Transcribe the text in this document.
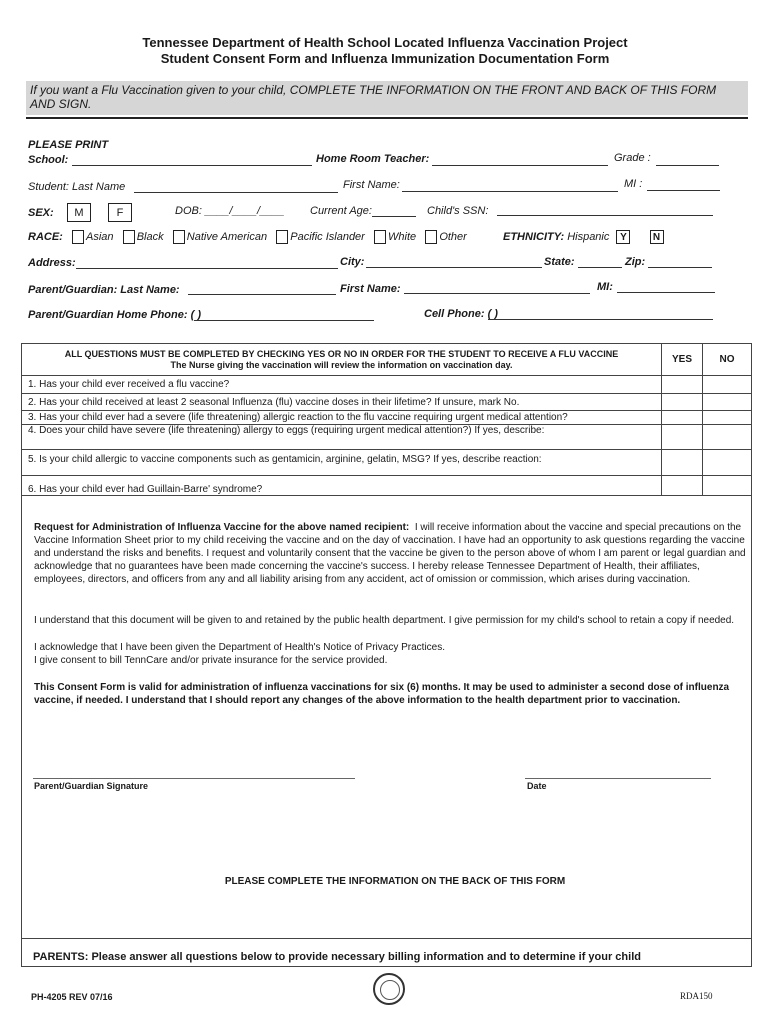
Tennessee Department of Health School Located Influenza Vaccination Project
Student Consent Form and Influenza Immunization Documentation Form
If you want a Flu Vaccination given to your child, COMPLETE THE INFORMATION ON THE FRONT AND BACK OF THIS FORM AND SIGN.
PLEASE PRINT
School:	Home Room Teacher:	Grade :
Student: Last Name	First Name:	MI :
SEX:	M	F	DOB: ____/____/____ Current Age:	Child's SSN:
RACE:	Asian Black Native American Pacific Islander White Other	ETHNICITY: Hispanic Y	N
Address:	City:	State:	Zip:
Parent/Guardian: Last Name:	First Name:	MI:
Parent/Guardian Home Phone: ( )	Cell Phone: ( )
ALL QUESTIONS MUST BE COMPLETED BY CHECKING YES OR NO IN ORDER FOR THE STUDENT TO RECEIVE A FLU VACCINE
The Nurse giving the vaccination will review the information on vaccination day.	YES	NO
1. Has your child ever received a flu vaccine?		
2. Has your child received at least 2 seasonal Influenza (flu) vaccine doses in their lifetime? If unsure, mark No.		
3. Has your child ever had a severe (life threatening) allergic reaction to the flu vaccine requiring urgent medical attention?		
4. Does your child have severe (life threatening) allergy to eggs (requiring urgent medical attention?) If yes, describe:		
5. Is your child allergic to vaccine components such as gentamicin, arginine, gelatin, MSG? If yes, describe reaction:		
6. Has your child ever had Guillain-Barre' syndrome?		
Request for Administration of Influenza Vaccine for the above named recipient: I will receive information about the vaccine and special precautions on the Vaccine Information Sheet prior to my child receiving the vaccine and on the day of vaccination. I have had an opportunity to ask questions regarding the vaccine and understand the risks and benefits. I request and voluntarily consent that the vaccine be given to the person above of whom I am parent or legal guardian and acknowledge that no guarantees have been made concerning the vaccine's success. I hereby release Tennessee Department of Health, their affiliates, employees, directors, and officers from any and all liability arising from any accident, act of omission or commission, which arises during vaccination.
I understand that this document will be given to and retained by the public health department. I give permission for my child's school to retain a copy if needed.
I acknowledge that I have been given the Department of Health's Notice of Privacy Practices.
I give consent to bill TennCare and/or private insurance for the service provided.
This Consent Form is valid for administration of influenza vaccinations for six (6) months. It may be used to administer a second dose of influenza vaccine, if needed. I understand that I should report any changes of the above information to the health department prior to vaccination.
Parent/Guardian Signature	Date
PLEASE COMPLETE THE INFORMATION ON THE BACK OF THIS FORM
PARENTS: Please answer all questions below to provide necessary billing information and to determine if your child
PH-4205 REV 07/16	RDA150
